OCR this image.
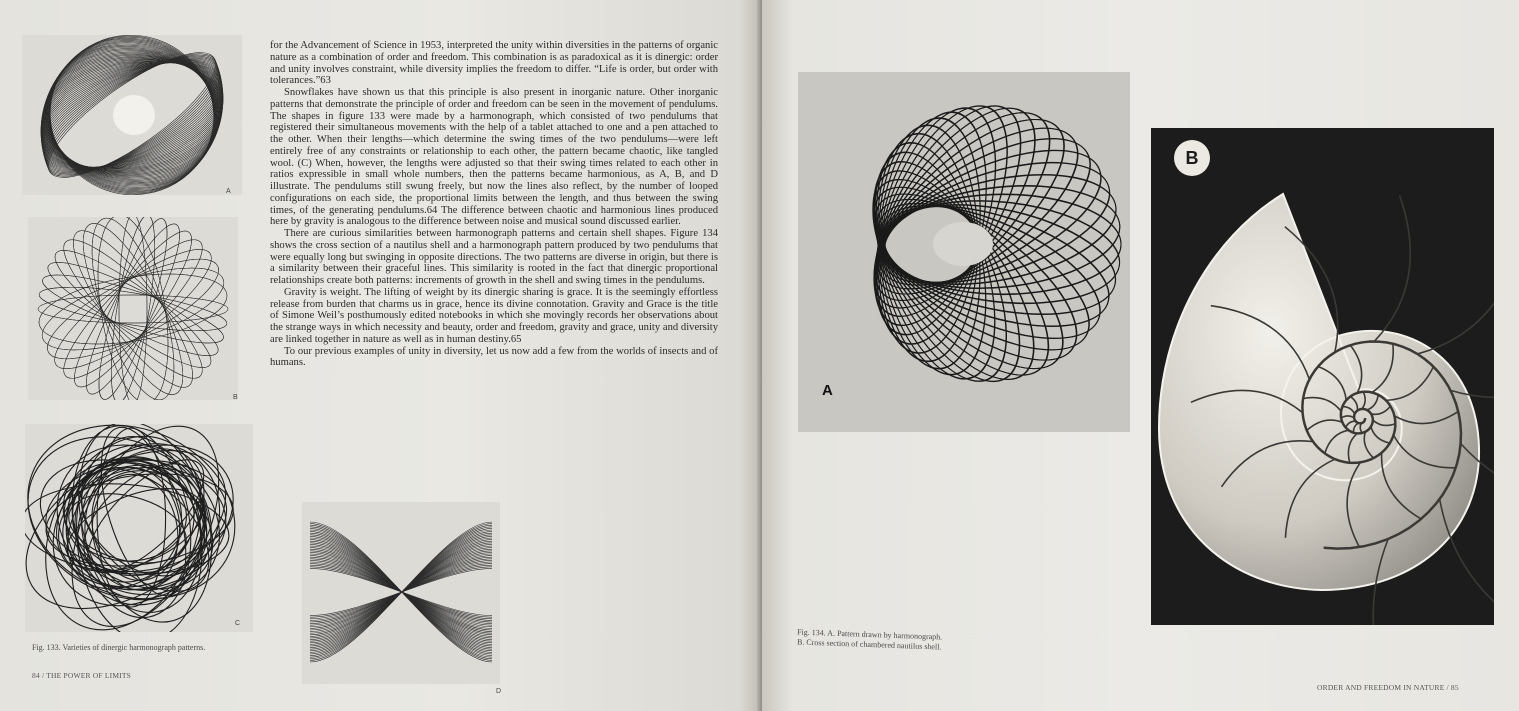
A
B
C
D

for the Advancement of Science in 1953, interpreted the unity within diversities in the patterns of organic nature as a combination of order and freedom. This combination is as paradoxical as it is dinergic: order and unity involves constraint, while diversity implies the freedom to differ. “Life is order, but order with tolerances.”63

Snowflakes have shown us that this principle is also present in inorganic nature. Other inorganic patterns that demonstrate the principle of order and freedom can be seen in the movement of pendulums. The shapes in figure 133 were made by a harmonograph, which consisted of two pendulums that registered their simultaneous movements with the help of a tablet attached to one and a pen attached to the other. When their lengths—which determine the swing times of the two pendulums—were left entirely free of any constraints or relationship to each other, the pattern became chaotic, like tangled wool. (C) When, however, the lengths were adjusted so that their swing times related to each other in ratios expressible in small whole numbers, then the patterns became harmonious, as A, B, and D illustrate. The pendulums still swung freely, but now the lines also reflect, by the number of looped configurations on each side, the proportional limits between the length, and thus between the swing times, of the generating pendulums.64 The difference between chaotic and harmonious lines produced here by gravity is analogous to the difference between noise and musical sound discussed earlier.

There are curious similarities between harmonograph patterns and certain shell shapes. Figure 134 shows the cross section of a nautilus shell and a harmonograph pattern produced by two pendulums that were equally long but swinging in opposite directions. The two patterns are diverse in origin, but there is a similarity between their graceful lines. This similarity is rooted in the fact that dinergic proportional relationships create both patterns: increments of growth in the shell and swing times in the pendulums.

Gravity is weight. The lifting of weight by its dinergic sharing is grace. It is the seemingly effortless release from burden that charms us in grace, hence its divine connotation. Gravity and Grace is the title of Simone Weil’s posthumously edited notebooks in which she movingly records her observations about the strange ways in which necessity and beauty, order and freedom, gravity and grace, unity and diversity are linked together in nature as well as in human destiny.65

To our previous examples of unity in diversity, let us now add a few from the worlds of insects and of humans.

Fig. 133. Varieties of dinergic harmonograph patterns.
84 / THE POWER OF LIMITS
A
B
Fig. 134. A. Pattern drawn by harmonograph.
B. Cross section of chambered nautilus shell.
ORDER AND FREEDOM IN NATURE / 85
